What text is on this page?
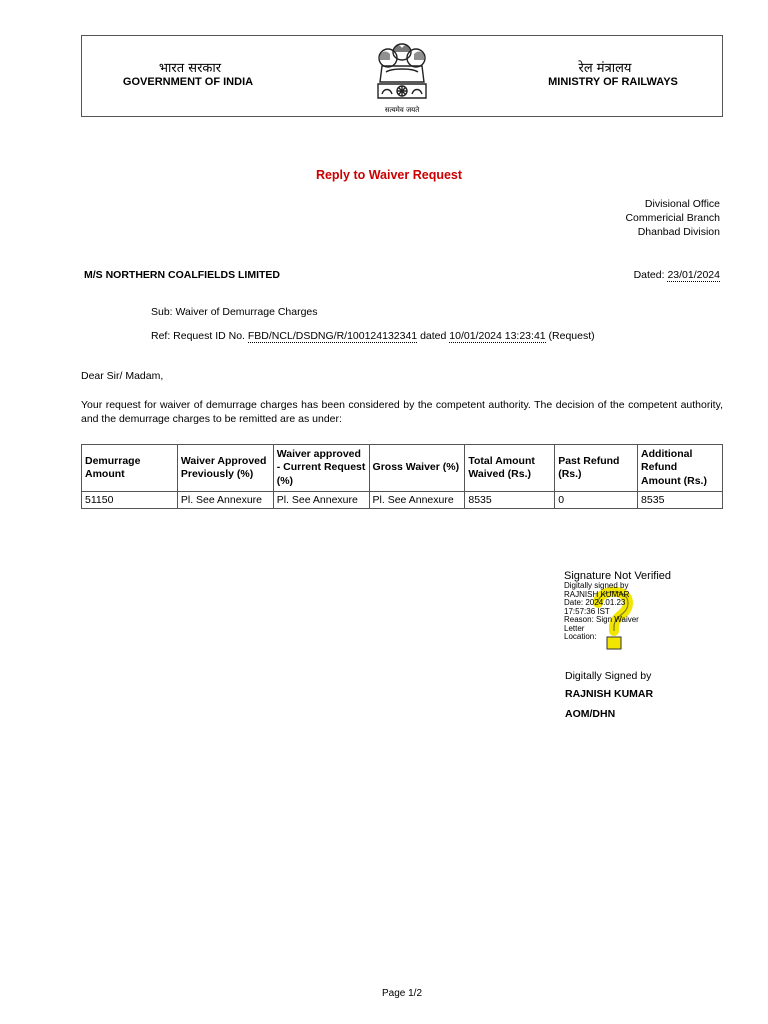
भारत सरकार
GOVERNMENT OF INDIA
सत्यमेव जयते
रेल मंत्रालय
MINISTRY OF RAILWAYS
Reply to Waiver Request
Divisional Office
Commericial Branch
Dhanbad Division
M/S NORTHERN COALFIELDS LIMITED	Dated: 23/01/2024
Sub: Waiver of Demurrage Charges
Ref: Request ID No. FBD/NCL/DSDNG/R/100124132341 dated 10/01/2024 13:23:41 (Request)
Dear Sir/ Madam,
Your request for waiver of demurrage charges has been considered by the competent authority. The decision of the competent authority, and the demurrage charges to be remitted are as under:
Demurrage Amount	Waiver Approved Previously (%)	Waiver approved - Current Request (%)	Gross Waiver (%)	Total Amount Waived (Rs.)	Past Refund (Rs.)	Additional Refund Amount (Rs.)
51150	Pl. See Annexure	Pl. See Annexure	Pl. See Annexure	8535	0	8535
Signature Not Verified
Digitally signed by
RAJNISH KUMAR
Date: 2024.01.23
17:57:36 IST
Reason: Sign Waiver
Letter
Location:
Digitally Signed by
RAJNISH KUMAR
AOM/DHN
Page 1/2
